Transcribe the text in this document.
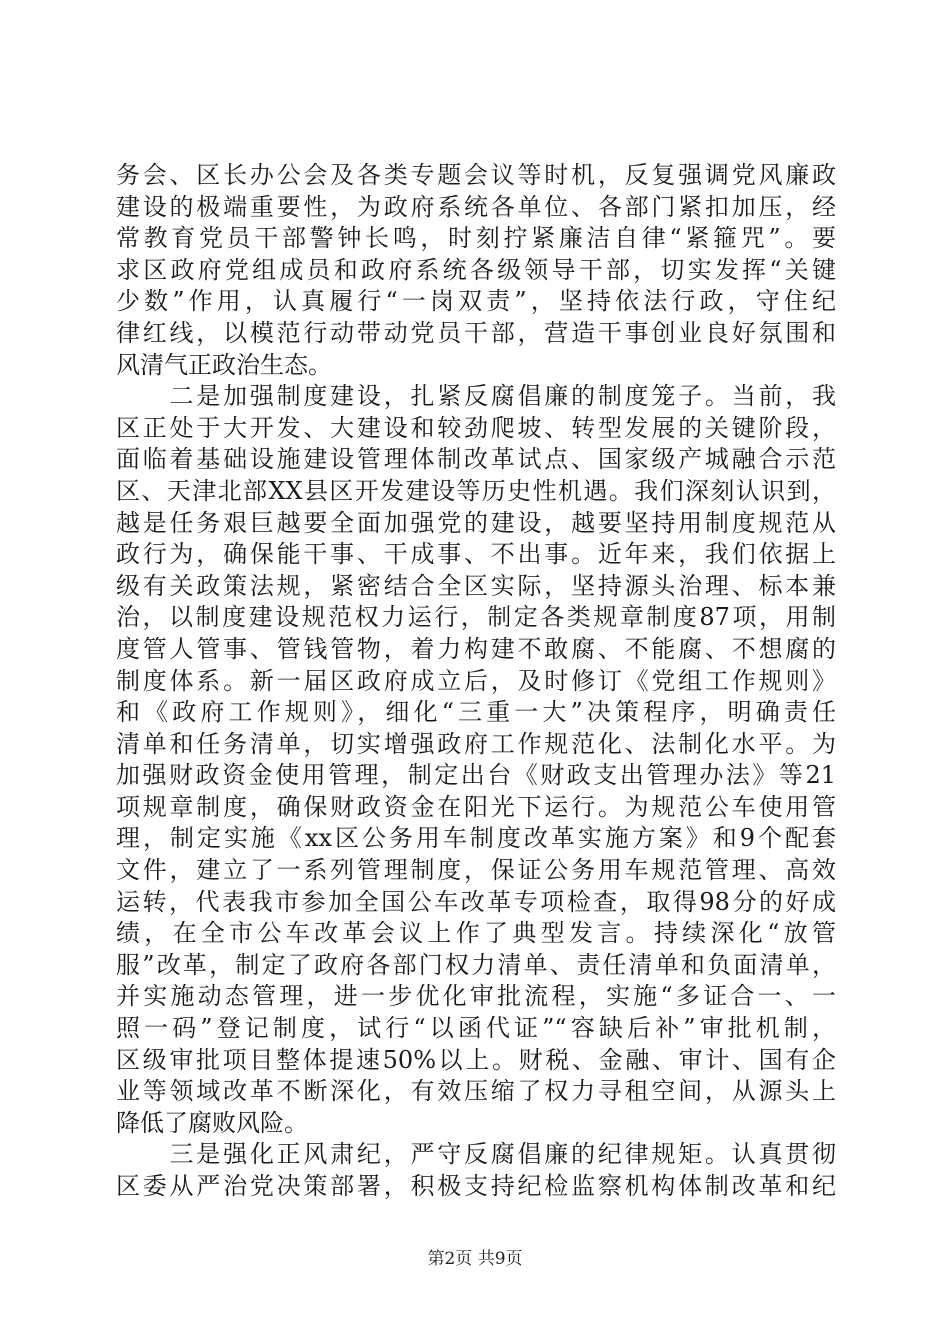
务会、区长办公会及各类专题会议等时机，反复强调党风廉政
建设的极端重要性，为政府系统各单位、各部门紧扣加压，经
常教育党员干部警钟长鸣，时刻拧紧廉洁自律“紧箍咒”。要
求区政府党组成员和政府系统各级领导干部，切实发挥“关键
少数”作用，认真履行“一岗双责”，坚持依法行政，守住纪
律红线，以模范行动带动党员干部，营造干事创业良好氛围和
风清气正政治生态。
　　二是加强制度建设，扎紧反腐倡廉的制度笼子。当前，我
区正处于大开发、大建设和较劲爬坡、转型发展的关键阶段，
面临着基础设施建设管理体制改革试点、国家级产城融合示范
区、天津北部XX县区开发建设等历史性机遇。我们深刻认识到，
越是任务艰巨越要全面加强党的建设，越要坚持用制度规范从
政行为，确保能干事、干成事、不出事。近年来，我们依据上
级有关政策法规，紧密结合全区实际，坚持源头治理、标本兼
治，以制度建设规范权力运行，制定各类规章制度87项，用制
度管人管事、管钱管物，着力构建不敢腐、不能腐、不想腐的
制度体系。新一届区政府成立后，及时修订《党组工作规则》
和《政府工作规则》，细化“三重一大”决策程序，明确责任
清单和任务清单，切实增强政府工作规范化、法制化水平。为
加强财政资金使用管理，制定出台《财政支出管理办法》等21
项规章制度，确保财政资金在阳光下运行。为规范公车使用管
理，制定实施《xx区公务用车制度改革实施方案》和9个配套
文件，建立了一系列管理制度，保证公务用车规范管理、高效
运转，代表我市参加全国公车改革专项检查，取得98分的好成
绩，在全市公车改革会议上作了典型发言。持续深化“放管
服”改革，制定了政府各部门权力清单、责任清单和负面清单，
并实施动态管理，进一步优化审批流程，实施“多证合一、一
照一码”登记制度，试行“以函代证”“容缺后补”审批机制，
区级审批项目整体提速50%以上。财税、金融、审计、国有企
业等领域改革不断深化，有效压缩了权力寻租空间，从源头上
降低了腐败风险。
　　三是强化正风肃纪，严守反腐倡廉的纪律规矩。认真贯彻
区委从严治党决策部署，积极支持纪检监察机构体制改革和纪
第2页 共9页
